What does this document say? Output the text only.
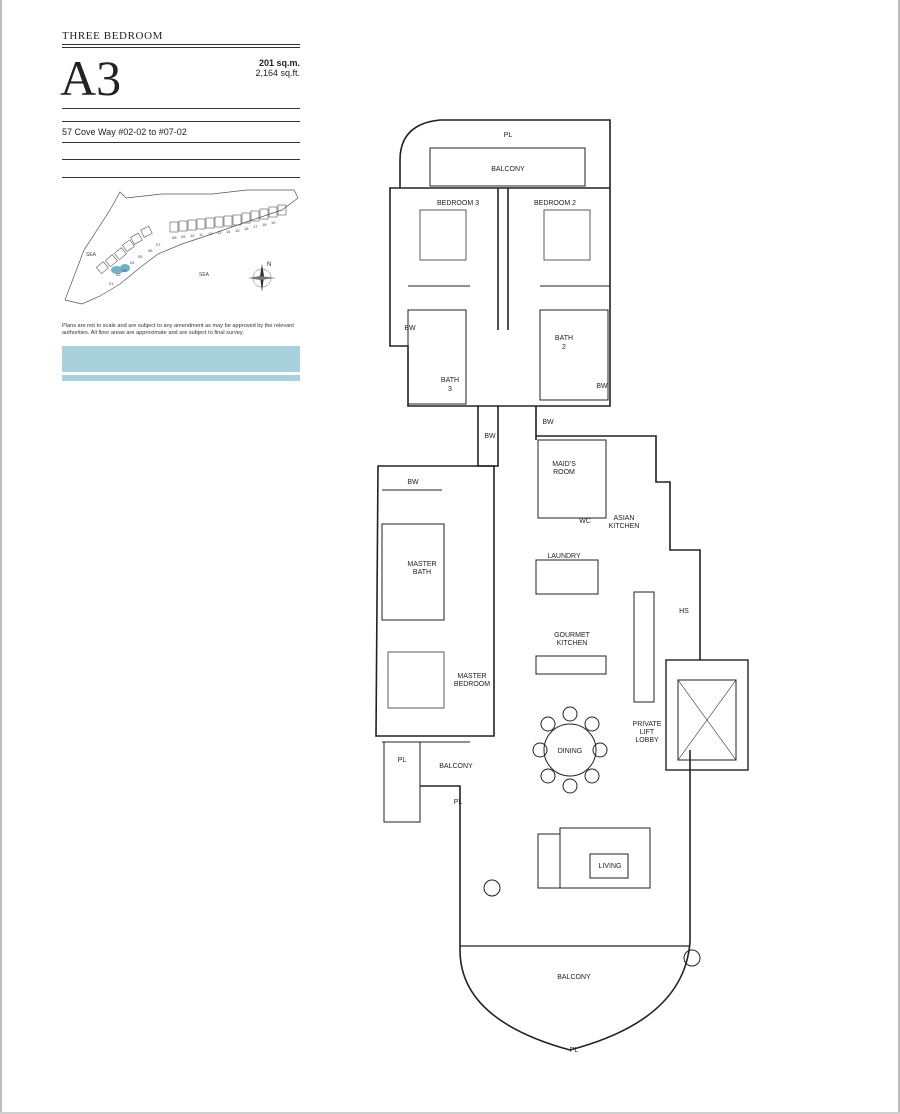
THREE BEDROOM
A3	201 sq.m.
2,164 sq.ft.
57 Cove Way #02-02 to #07-02
SEA
SEA
01
02
03
04
05
06
07
08 09 10 11 12 13 14 15 16 17 18 19
N
Plans are not to scale and are subject to any amendment as may be approved by the relevant authorities. All floor areas are approximate and are subject to final survey.
PL
BALCONY
BEDROOM 3	BEDROOM 2
BW
BATH
2
BATH
3	BW
BW
BW
BW
MAID'S
ROOM
WC	ASIAN
KITCHEN
LAUNDRY
MASTER
BATH
HS
GOURMET
KITCHEN
MASTER
BEDROOM
PRIVATE
LIFT
LOBBY
DINING
PL
BALCONY
PL
LIVING
BALCONY
PL
